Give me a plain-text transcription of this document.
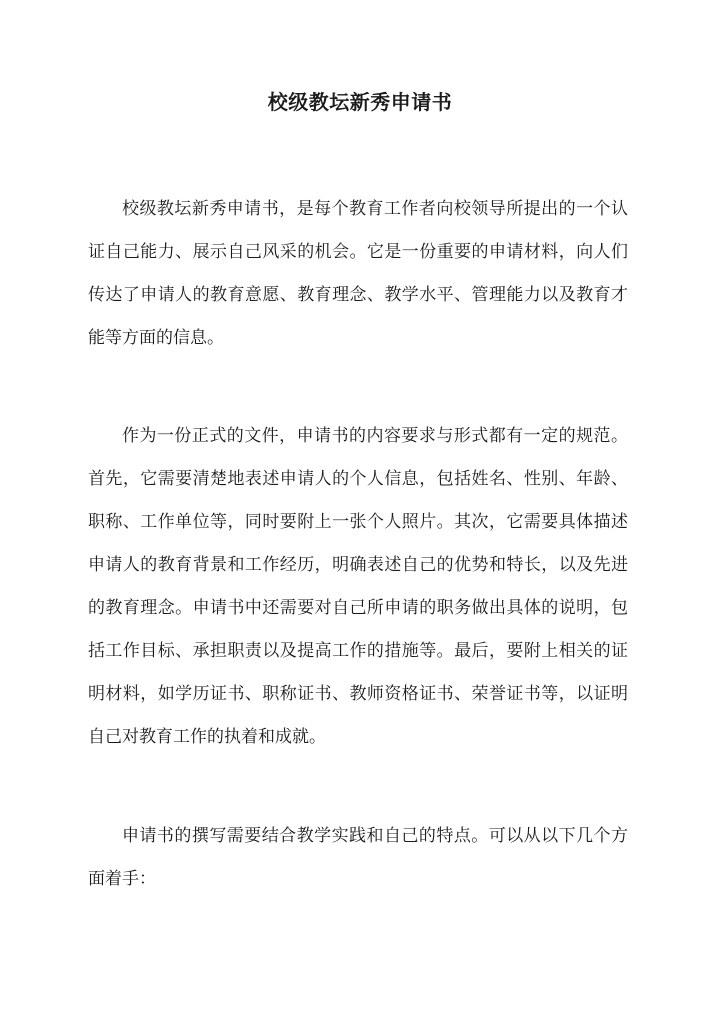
校级教坛新秀申请书

校级教坛新秀申请书，是每个教育工作者向校领导所提出的一个认证自己能力、展示自己风采的机会。它是一份重要的申请材料，向人们传达了申请人的教育意愿、教育理念、教学水平、管理能力以及教育才能等方面的信息。

作为一份正式的文件，申请书的内容要求与形式都有一定的规范。首先，它需要清楚地表述申请人的个人信息，包括姓名、性别、年龄、职称、工作单位等，同时要附上一张个人照片。其次，它需要具体描述申请人的教育背景和工作经历，明确表述自己的优势和特长，以及先进的教育理念。申请书中还需要对自己所申请的职务做出具体的说明，包括工作目标、承担职责以及提高工作的措施等。最后，要附上相关的证明材料，如学历证书、职称证书、教师资格证书、荣誉证书等，以证明自己对教育工作的执着和成就。

申请书的撰写需要结合教学实践和自己的特点。可以从以下几个方面着手：
